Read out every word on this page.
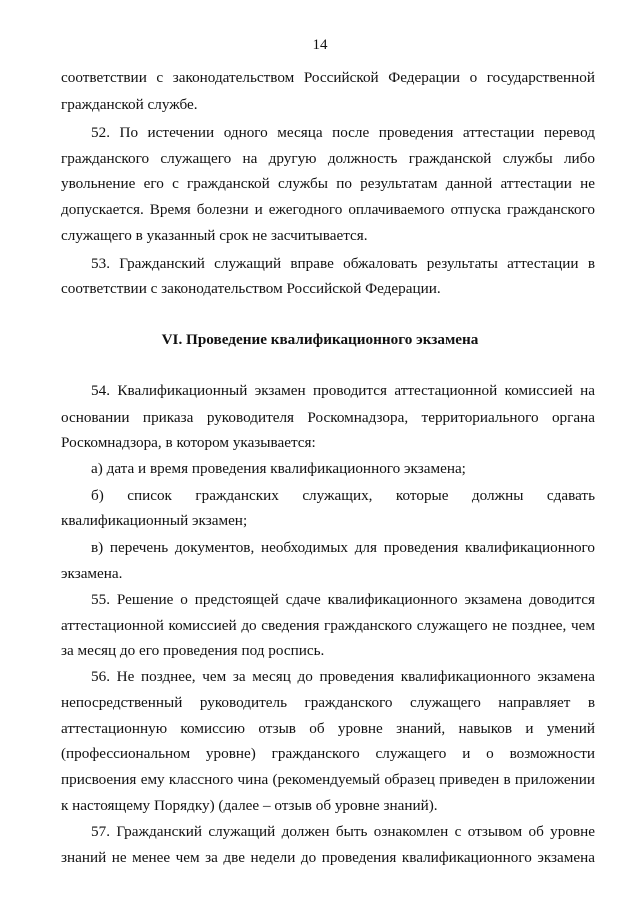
14
соответствии с законодательством Российской Федерации о государственной
гражданской службе.
52. По истечении одного месяца после проведения аттестации перевод
гражданского служащего на другую должность гражданской службы либо
увольнение его с гражданской службы по результатам данной аттестации не
допускается. Время болезни и ежегодного оплачиваемого отпуска гражданского
служащего в указанный срок не засчитывается.
53. Гражданский служащий вправе обжаловать результаты аттестации в
соответствии с законодательством Российской Федерации.
VI. Проведение квалификационного экзамена
54. Квалификационный экзамен проводится аттестационной комиссией на
основании приказа руководителя Роскомнадзора, территориального органа
Роскомнадзора, в котором указывается:
а) дата и время проведения квалификационного экзамена;
б) список гражданских служащих, которые должны сдавать
квалификационный экзамен;
в) перечень документов, необходимых для проведения квалификационного
экзамена.
55. Решение о предстоящей сдаче квалификационного экзамена доводится
аттестационной комиссией до сведения гражданского служащего не позднее, чем
за месяц до его проведения под роспись.
56. Не позднее, чем за месяц до проведения квалификационного экзамена
непосредственный руководитель гражданского служащего направляет в
аттестационную комиссию отзыв об уровне знаний, навыков и умений
(профессиональном уровне) гражданского служащего и о возможности
присвоения ему классного чина (рекомендуемый образец приведен в приложении
к настоящему Порядку) (далее – отзыв об уровне знаний).
57. Гражданский служащий должен быть ознакомлен с отзывом об уровне
знаний не менее чем за две недели до проведения квалификационного экзамена
